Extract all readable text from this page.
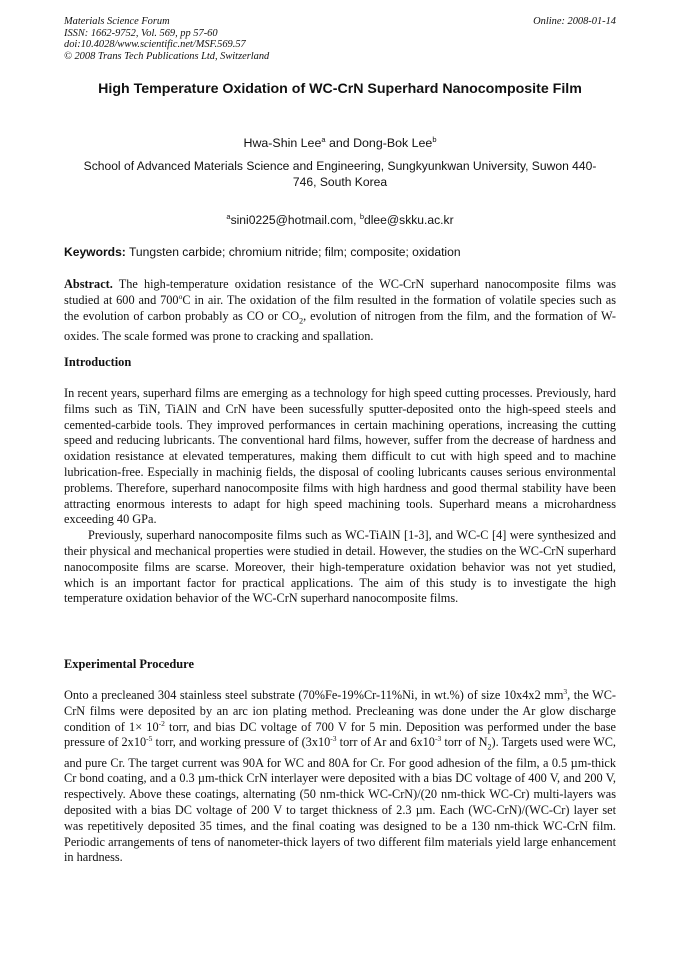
Materials Science Forum	Online: 2008-01-14
ISSN: 1662-9752, Vol. 569, pp 57-60
doi:10.4028/www.scientific.net/MSF.569.57
© 2008 Trans Tech Publications Ltd, Switzerland
High Temperature Oxidation of WC-CrN Superhard Nanocomposite Film
Hwa-Shin Lee$^a$ and Dong-Bok Lee$^b$
School of Advanced Materials Science and Engineering, Sungkyunkwan University, Suwon 440-746, South Korea
$^a$sini0225@hotmail.com, $^b$dlee@skku.ac.kr
Keywords: Tungsten carbide; chromium nitride; film; composite; oxidation
Abstract. The high-temperature oxidation resistance of the WC-CrN superhard nanocomposite films was studied at 600 and 700$^o$C in air. The oxidation of the film resulted in the formation of volatile species such as the evolution of carbon probably as CO or $CO_2$, evolution of nitrogen from the film, and the formation of W-oxides. The scale formed was prone to cracking and spallation.
Introduction

In recent years, superhard films are emerging as a technology for high speed cutting processes. Previously, hard films such as TiN, TiAlN and CrN have been sucessfully sputter-deposited onto the high-speed steels and cemented-carbide tools. They improved performances in certain machining operations, increasing the cutting speed and reducing lubricants. The conventional hard films, however, suffer from the decrease of hardness and oxidation resistance at elevated temperatures, making them difficult to cut with high speed and to machine lubrication-free. Especially in machinig fields, the disposal of cooling lubricants causes serious environmental problems. Therefore, superhard nanocomposite films with high hardness and good thermal stability have been attracting enormous interests to adapt for high speed machining tools. Superhard means a microhardness exceeding 40 GPa.

Previously, superhard nanocomposite films such as WC-TiAlN [1-3], and WC-C [4] were synthesized and their physical and mechanical properties were studied in detail. However, the studies on the WC-CrN superhard nanocomposite films are scarse. Moreover, their high-temperature oxidation behavior was not yet studied, which is an important factor for practical applications. The aim of this study is to investigate the high temperature oxidation behavior of the WC-CrN superhard nanocomposite films.

Experimental Procedure
Onto a precleaned 304 stainless steel substrate (70%Fe-19%Cr-11%Ni, in wt.%) of size 10x4x2 $mm^3$, the WC-CrN films were deposited by an arc ion plating method. Precleaning was done under the Ar glow discharge condition of $1\times 10^{-2}$ torr, and bias DC voltage of 700 V for 5 min. Deposition was performed under the base pressure of $2x10^{-5}$ torr, and working pressure of ($3x10^{-3}$ torr of Ar and $6x10^{-3}$ torr of $N_2$). Targets used were WC, and pure Cr. The target current was 90A for WC and 80A for Cr. For good adhesion of the film, a 0.5 µm-thick Cr bond coating, and a 0.3 µm-thick CrN interlayer were deposited with a bias DC voltage of 400 V, and 200 V, respectively. Above these coatings, alternating (50 nm-thick WC-CrN)/(20 nm-thick WC-Cr) multi-layers was deposited with a bias DC voltage of 200 V to target thickness of 2.3 µm. Each (WC-CrN)/(WC-Cr) layer set was repetitively deposited 35 times, and the final coating was designed to be a 130 nm-thick WC-CrN film. Periodic arrangements of tens of nanometer-thick layers of two different film materials yield large enhancement in hardness.
